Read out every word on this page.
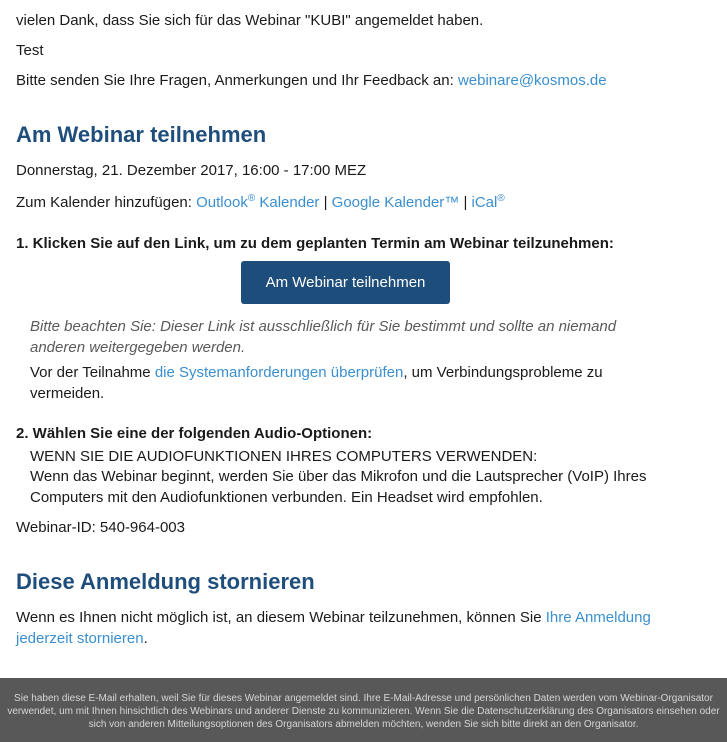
vielen Dank, dass Sie sich für das Webinar "KUBI" angemeldet haben.

Test

Bitte senden Sie Ihre Fragen, Anmerkungen und Ihr Feedback an: webinare@kosmos.de

Am Webinar teilnehmen

Donnerstag, 21. Dezember 2017, 16:00 - 17:00 MEZ

Zum Kalender hinzufügen: Outlook® Kalender | Google Kalender™ | iCal®

1. Klicken Sie auf den Link, um zu dem geplanten Termin am Webinar teilzunehmen:

Am Webinar teilnehmen

Bitte beachten Sie: Dieser Link ist ausschließlich für Sie bestimmt und sollte an niemand

anderen weitergegeben werden.

Vor der Teilnahme die Systemanforderungen überprüfen, um Verbindungsprobleme zu

vermeiden.

2. Wählen Sie eine der folgenden Audio-Optionen:

WENN SIE DIE AUDIOFUNKTIONEN IHRES COMPUTERS VERWENDEN:

Wenn das Webinar beginnt, werden Sie über das Mikrofon und die Lautsprecher (VoIP) Ihres

Computers mit den Audiofunktionen verbunden. Ein Headset wird empfohlen.

Webinar-ID: 540-964-003

Diese Anmeldung stornieren

Wenn es Ihnen nicht möglich ist, an diesem Webinar teilzunehmen, können Sie Ihre Anmeldung

jederzeit stornieren.

Sie haben diese E-Mail erhalten, weil Sie für dieses Webinar angemeldet sind. Ihre E-Mail-Adresse und persönlichen Daten werden vom Webinar-Organisator verwendet, um mit Ihnen hinsichtlich des Webinars und anderer Dienste zu kommunizieren. Wenn Sie die Datenschutzerklärung des Organisators einsehen oder sich von anderen Mitteilungsoptionen des Organisators abmelden möchten, wenden Sie sich bitte direkt an den Organisator.
